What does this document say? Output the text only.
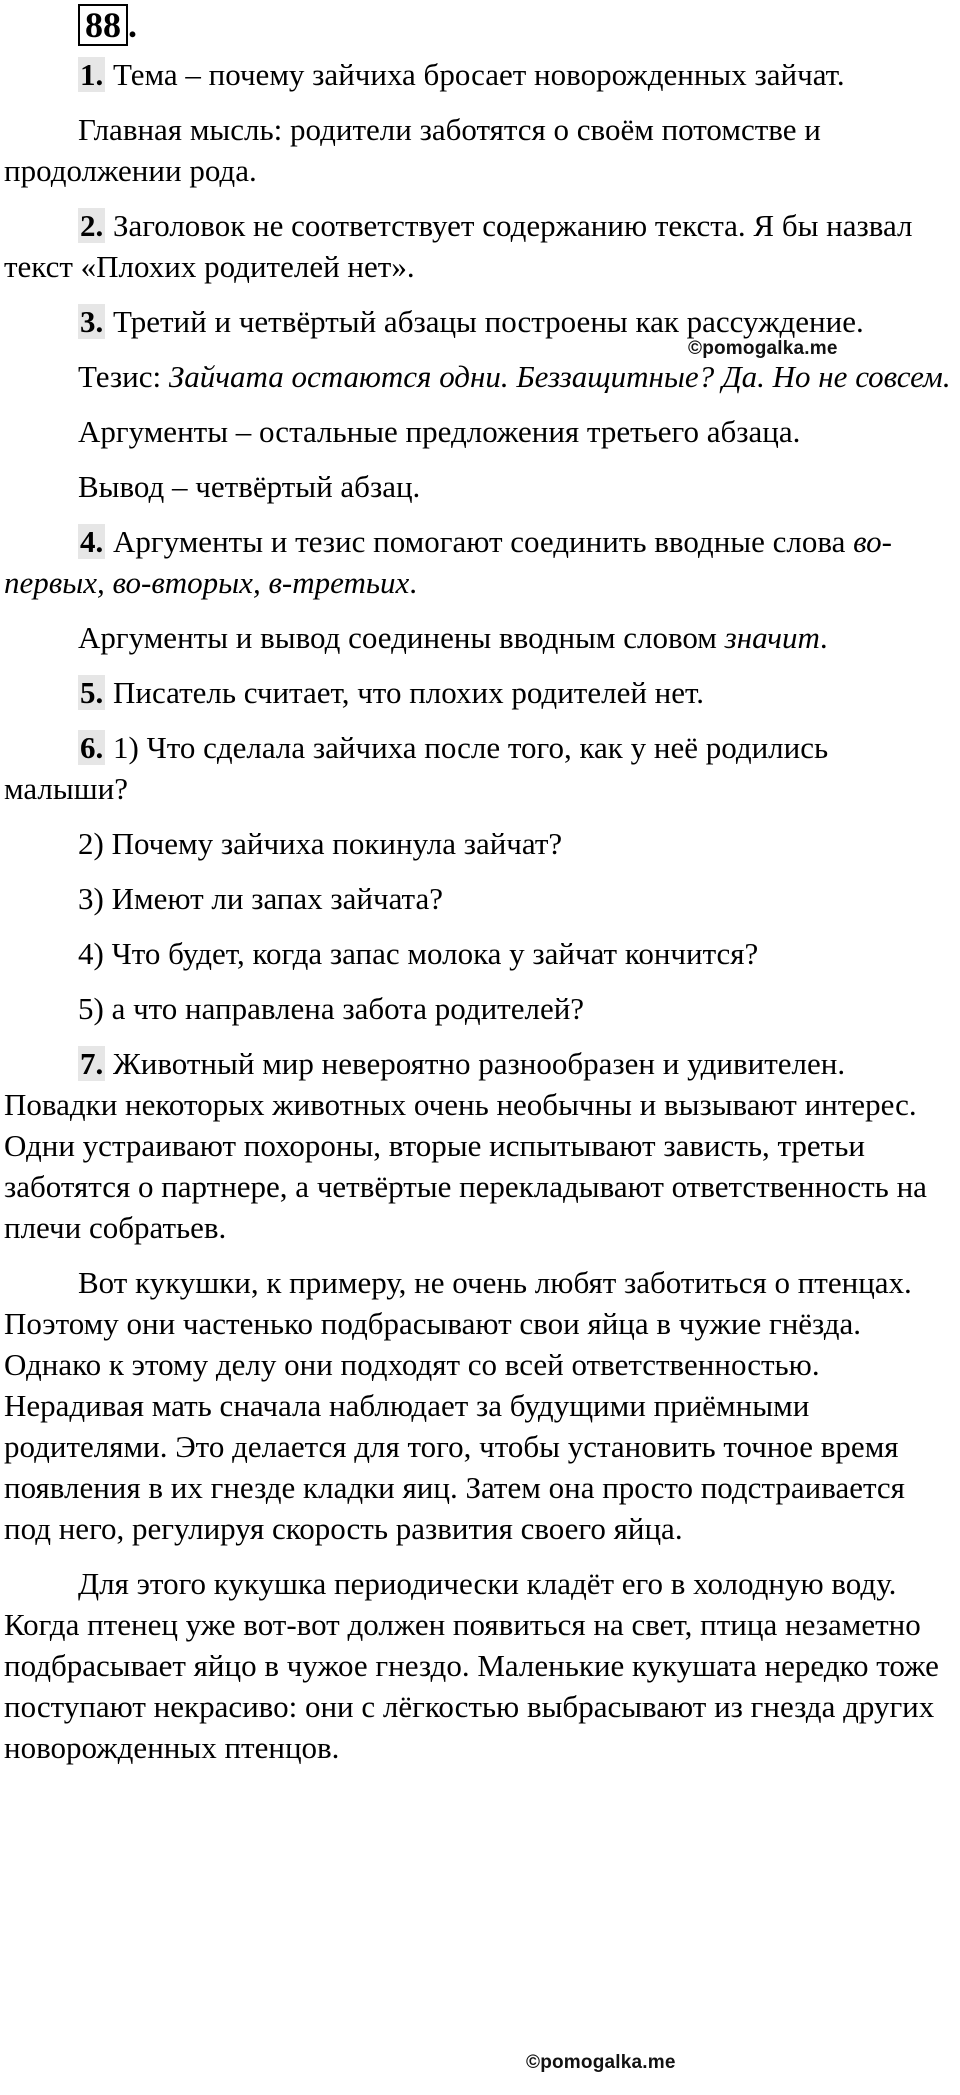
88 .

1. Тема – почему зайчиха бросает новорожденных зайчат.

Главная мысль: родители заботятся о своём потомстве и продолжении рода.

2. Заголовок не соответствует содержанию текста. Я бы назвал текст «Плохих родителей нет».

3. Третий и четвёртый абзацы построены как рассуждение.

Тезис: Зайчата остаются одни. Беззащитные? Да. Но не совсем.

Аргументы – остальные предложения третьего абзаца.

Вывод – четвёртый абзац.

4. Аргументы и тезис помогают соединить вводные слова во-первых, во-вторых, в-третьих.

Аргументы и вывод соединены вводным словом значит.

5. Писатель считает, что плохих родителей нет.

6. 1) Что сделала зайчиха после того, как у неё родились малыши?

2) Почему зайчиха покинула зайчат?

3) Имеют ли запах зайчата?

4) Что будет, когда запас молока у зайчат кончится?

5) а что направлена забота родителей?

7. Животный мир невероятно разнообразен и удивителен. Повадки некоторых животных очень необычны и вызывают интерес. Одни устраивают похороны, вторые испытывают зависть, третьи заботятся о партнере, а четвёртые перекладывают ответственность на плечи собратьев.

Вот кукушки, к примеру, не очень любят заботиться о птенцах. Поэтому они частенько подбрасывают свои яйца в чужие гнёзда. Однако к этому делу они подходят со всей ответственностью. Нерадивая мать сначала наблюдает за будущими приёмными родителями. Это делается для того, чтобы установить точное время появления в их гнезде кладки яиц. Затем она просто подстраивается под него, регулируя скорость развития своего яйца.

Для этого кукушка периодически кладёт его в холодную воду. Когда птенец уже вот-вот должен появиться на свет, птица незаметно подбрасывает яйцо в чужое гнездо. Маленькие кукушата нередко тоже поступают некрасиво: они с лёгкостью выбрасывают из гнезда других новорожденных птенцов.

©pomogalka.me
©pomogalka.me
